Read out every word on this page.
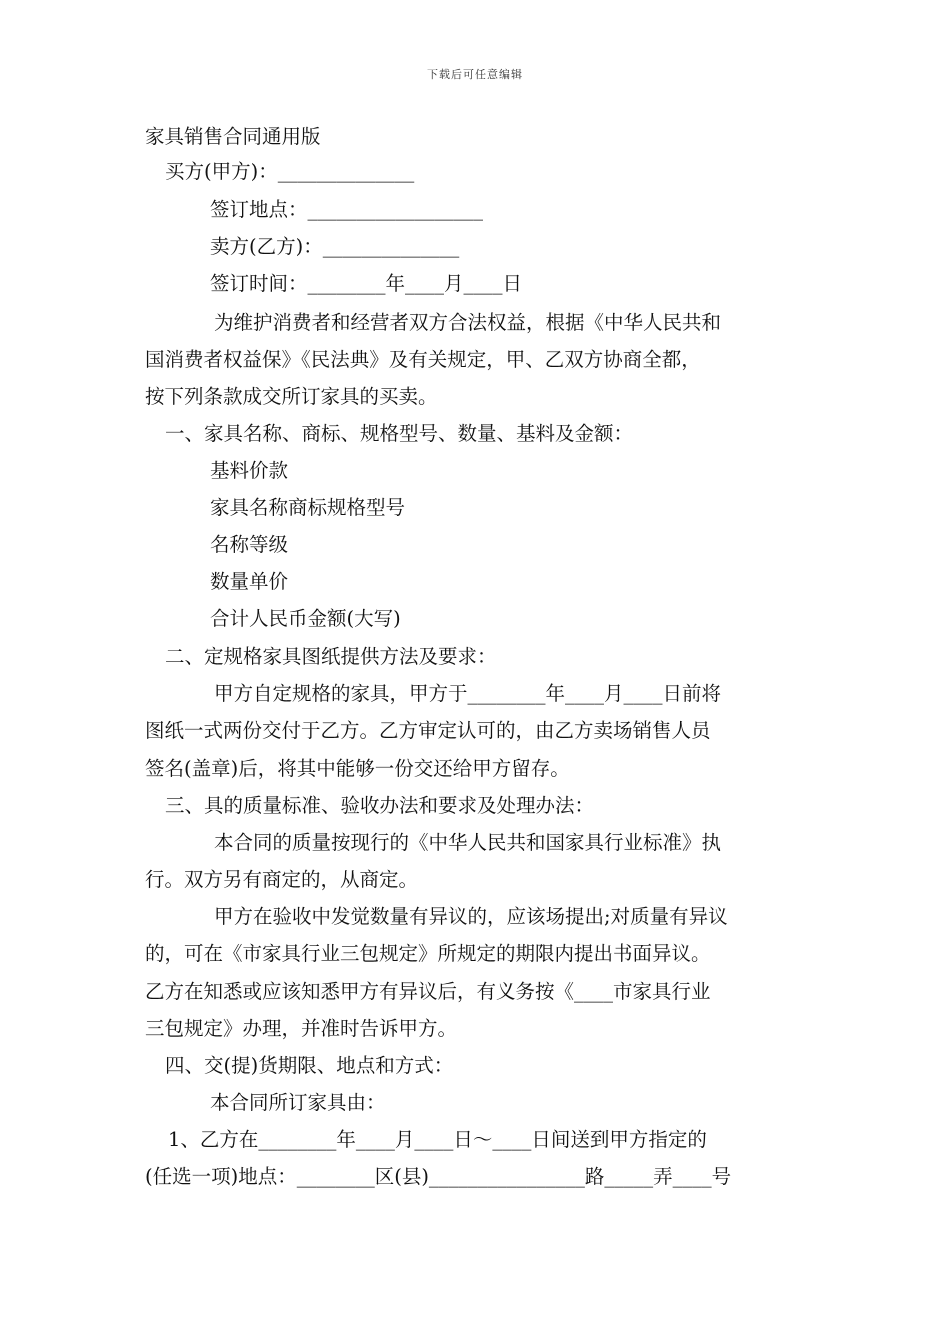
下载后可任意编辑
家具销售合同通用版
买方(甲方)：______________
签订地点：__________________
卖方(乙方)：______________
签订时间：________年____月____日
为维护消费者和经营者双方合法权益，根据《中华人民共和
国消费者权益保》《民法典》及有关规定，甲、乙双方协商全都，
按下列条款成交所订家具的买卖。
一、家具名称、商标、规格型号、数量、基料及金额：
基料价款
家具名称商标规格型号
名称等级
数量单价
合计人民币金额(大写)
二、定规格家具图纸提供方法及要求：
甲方自定规格的家具，甲方于________年____月____日前将
图纸一式两份交付于乙方。乙方审定认可的，由乙方卖场销售人员
签名(盖章)后，将其中能够一份交还给甲方留存。
三、具的质量标准、验收办法和要求及处理办法：
本合同的质量按现行的《中华人民共和国家具行业标准》执
行。双方另有商定的，从商定。
甲方在验收中发觉数量有异议的，应该场提出;对质量有异议
的，可在《市家具行业三包规定》所规定的期限内提出书面异议。
乙方在知悉或应该知悉甲方有异议后，有义务按《____市家具行业
三包规定》办理，并准时告诉甲方。
四、交(提)货期限、地点和方式：
本合同所订家具由：
1、乙方在________年____月____日～____日间送到甲方指定的
(任选一项)地点：________区(县)________________路_____弄____号
